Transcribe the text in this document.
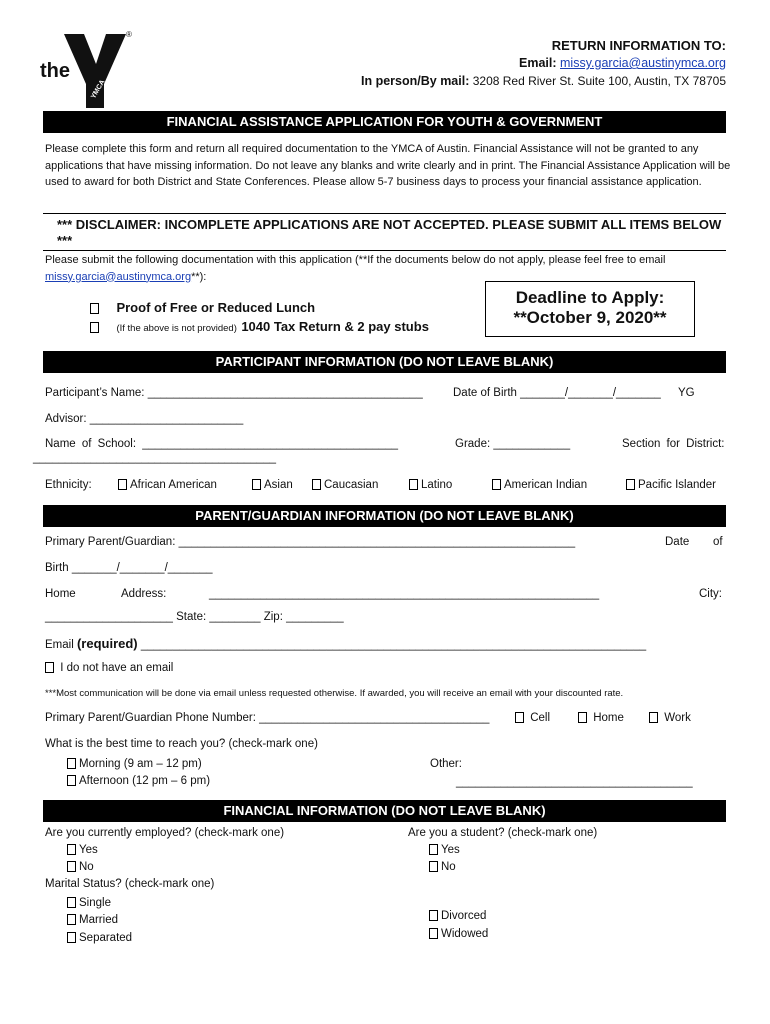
the
YMCA
®
RETURN INFORMATION TO:
Email: missy.garcia@austinymca.org
In person/By mail: 3208 Red River St. Suite 100, Austin, TX 78705
FINANCIAL ASSISTANCE APPLICATION FOR YOUTH & GOVERNMENT
Please complete this form and return all required documentation to the YMCA of Austin. Financial Assistance will not be granted to any applications that have missing information. Do not leave any blanks and write clearly and in print. The Financial Assistance Application will be used to award for both District and State Conferences. Please allow 5-7 business days to process your financial assistance application.
*** DISCLAIMER: INCOMPLETE APPLICATIONS ARE NOT ACCEPTED. PLEASE SUBMIT ALL ITEMS BELOW ***
Please submit the following documentation with this application (**If the documents below do not apply, please feel free to email missy.garcia@austinymca.org**):
Proof of Free or Reduced Lunch
(If the above is not provided) 1040 Tax Return & 2 pay stubs
Deadline to Apply:
**October 9, 2020**
PARTICIPANT INFORMATION (DO NOT LEAVE BLANK)
Participant’s Name: ___________________________________________	Date of Birth _______/_______/_______ YG
Advisor: ________________________
Name of School: ________________________________________	Grade: ____________	Section for District:
______________________________________
Ethnicity:	African American	Asian	Caucasian	Latino	American Indian	Pacific Islander
PARENT/GUARDIAN INFORMATION (DO NOT LEAVE BLANK)
Primary Parent/Guardian: ______________________________________________________________	Date of
Birth _______/_______/_______
Home	Address:	_____________________________________________________________	City:
____________________ State: ________ Zip: _________
Email (required) _______________________________________________________________________________
I do not have an email
***Most communication will be done via email unless requested otherwise. If awarded, you will receive an email with your discounted rate.
Primary Parent/Guardian Phone Number: ____________________________________	Cell	Home	Work
What is the best time to reach you? (check-mark one)
Morning (9 am – 12 pm)
Afternoon (12 pm – 6 pm)
Other:
_____________________________________
FINANCIAL INFORMATION (DO NOT LEAVE BLANK)
Are you currently employed? (check-mark one)
Yes
No
Are you a student? (check-mark one)
Yes
No
Marital Status? (check-mark one)
Single
Married
Separated
Divorced
Widowed
